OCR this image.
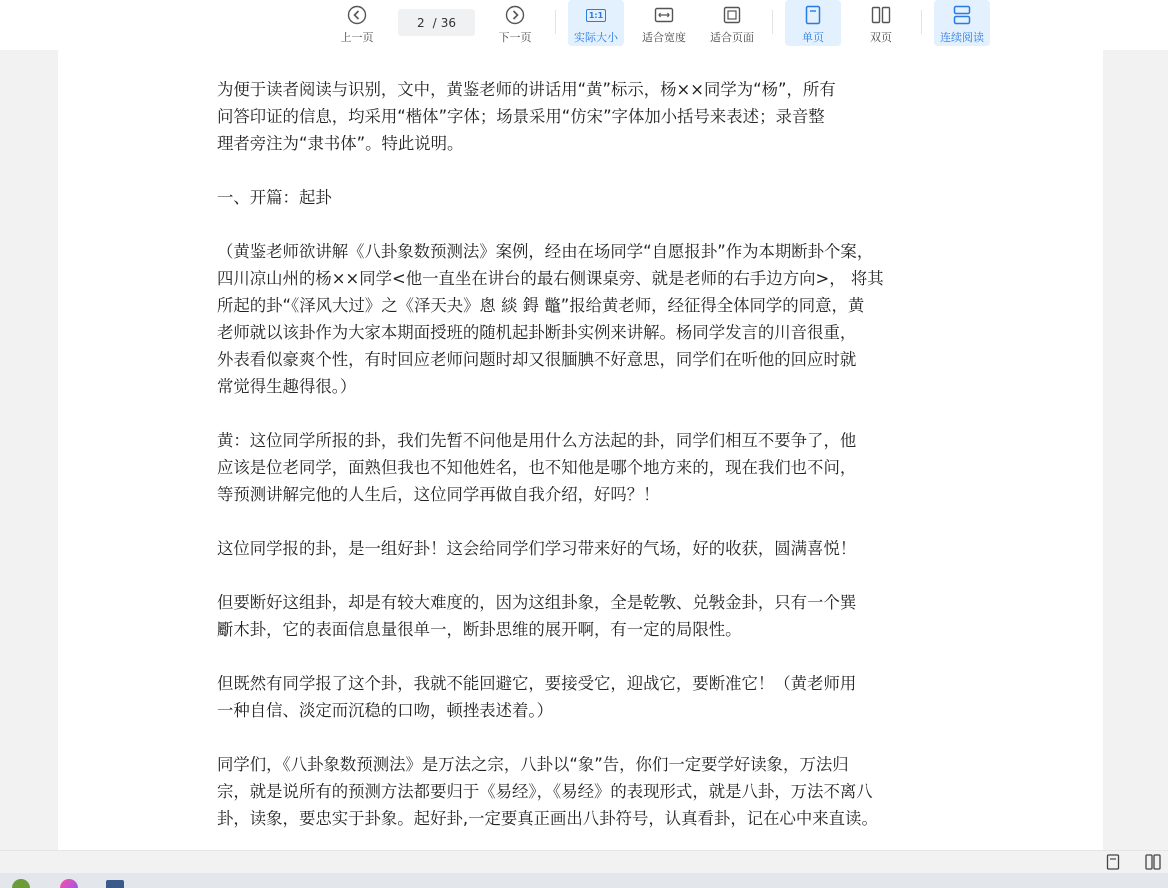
上一页
2 / 36
下一页
1:1
实际大小 适合宽度 适合页面	单页	双页	连续阅读

为便于读者阅读与识别，文中，黄鉴老师的讲话用“黄”标示，杨××同学为“杨”，所有
问答印证的信息，均采用“楷体”字体；场景采用“仿宋”字体加小括号来表述；录音整
理者旁注为“隶书体”。特此说明。

一、开篇：起卦

（黄鉴老师欲讲解《八卦象数预测法》案例，经由在场同学“自愿报卦”作为本期断卦个案，
四川凉山州的杨××同学<他一直坐在讲台的最右侧课桌旁、就是老师的右手边方向>， 将其
所起的卦“《泽风大过》之《泽天夬》悤 緂 鍀 鼈”报给黄老师，经征得全体同学的同意，黄
老师就以该卦作为大家本期面授班的随机起卦断卦实例来讲解。杨同学发言的川音很重，
外表看似豪爽个性，有时回应老师问题时却又很腼腆不好意思，同学们在听他的回应时就
常觉得生趣得很。）

黄：这位同学所报的卦，我们先暂不问他是用什么方法起的卦，同学们相互不要争了，他
应该是位老同学，面熟但我也不知他姓名，也不知他是哪个地方来的，现在我们也不问，
等预测讲解完他的人生后，这位同学再做自我介绍，好吗？！

这位同学报的卦，是一组好卦！这会给同学们学习带来好的气场，好的收获，圆满喜悦！

但要断好这组卦，却是有较大难度的，因为这组卦象，全是乾斆、兑斅金卦，只有一个巽
斸木卦，它的表面信息量很单一，断卦思维的展开啊，有一定的局限性。

但既然有同学报了这个卦，我就不能回避它，要接受它，迎战它，要断准它！（黄老师用
一种自信、淡定而沉稳的口吻，顿挫表述着。）

同学们，《八卦象数预测法》是万法之宗，八卦以“象”告，你们一定要学好读象，万法归
宗，就是说所有的预测方法都要归于《易经》，《易经》的表现形式，就是八卦，万法不离八
卦，读象，要忠实于卦象。起好卦,一定要真正画出八卦符号，认真看卦，记在心中来直读。
